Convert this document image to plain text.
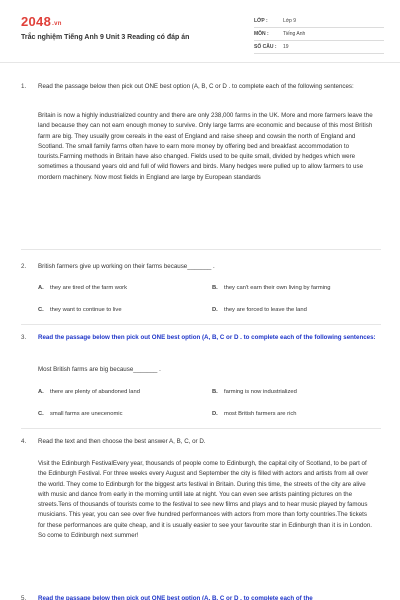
2048.vn
Trắc nghiệm Tiếng Anh 9 Unit 3 Reading có đáp án
LỚP :	Lớp 9
MÔN :	Tiếng Anh
SỐ CÂU : 19
1. Read the passage below then pick out ONE best option (A, B, C or D . to complete each of the following sentences:
Britain is now a highly industrialized country and there are only 238,000 farms in the UK. More and more farmers leave the land because they can not earn enough money to survive. Only large farms are economic and because of this most British farm are big. They usually grow cereals in the east of England and raise sheep and cowsin the north of England and Scotland. The small family farms often have to earn more money by offering bed and breakfast accommodation to tourists.Farming methods in Britain have also changed. Fields used to be quite small, divided by hedges which were sometimes a thousand years old and full of wild flowers and birds. Many hedges were pulled up to allow farmers to use mordern machinery. Now most fields in England are large by European standards
2. British farmers give up working on their farms because_______ .
A. they are tired of the farm work	B. they can't earn their own living by farming
C. they want to continue to live	D. they are forced to leave the land
3. Read the passage below then pick out ONE best option (A, B, C or D . to complete each of the following sentences:
Most British farms are big because_______ .
A. there are plenty of abandoned land	B. farming is now industrialized
C. small farms are unecenomic	D. most British farmers are rich
4. Read the text and then choose the best answer A, B, C, or D.
Visit the Edinburgh FestivalEvery year, thousands of people come to Edinburgh, the capital city of Scotland, to be part of the Edinburgh Festival. For three weeks every August and September the city is filled with actors and artists from all over the world. They come to Edinburgh for the biggest arts festival in Britain. During this time, the streets of the city are alive with music and dance from early in the morning untill late at night. You can even see artists painting pictures on the streets.Tens of thousands of tourists come to the festival to see new films and plays and to hear music played by famous musicians. This year, you can see over five hundred performances with actors from more than forty countries.The tickets for these performances are quite cheap, and it is usually easier to see your favourite star in Edinburgh than it is in London. So come to Edinburgh next summer!
5. Read the passage below then pick out ONE best option (A, B, C or D . to complete each of the
